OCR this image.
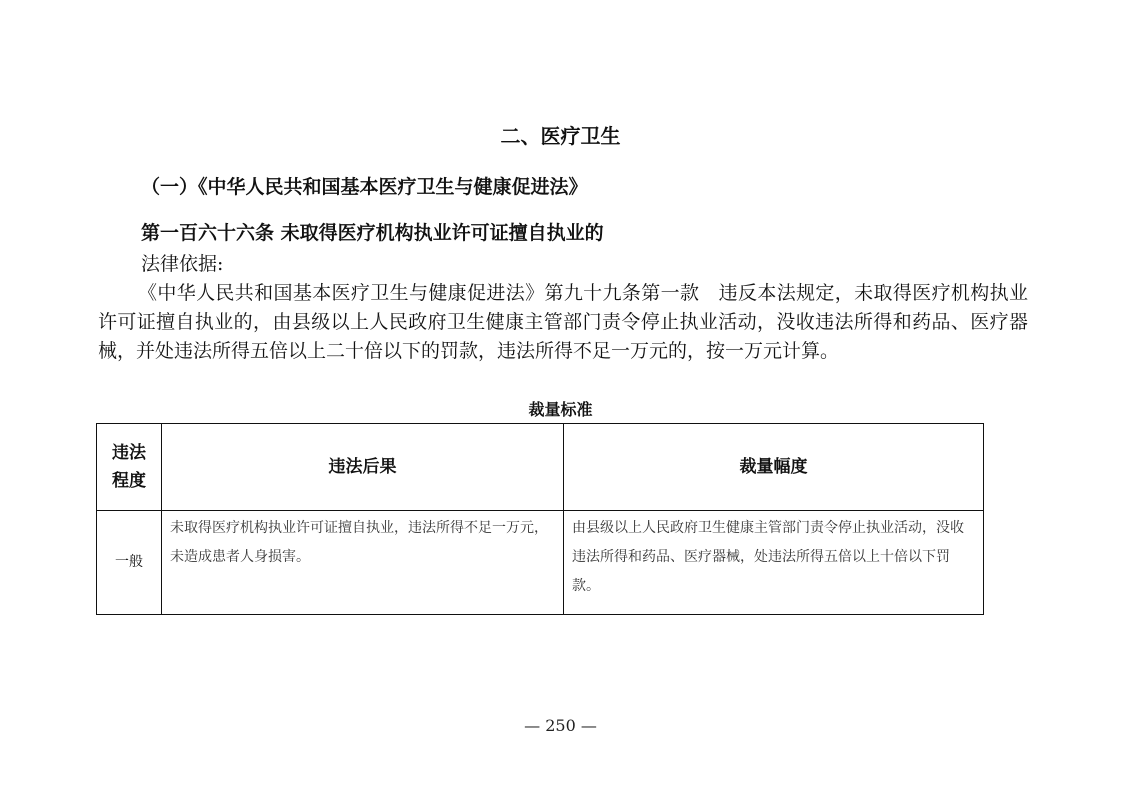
二、医疗卫生
（一）《中华人民共和国基本医疗卫生与健康促进法》
第一百六十六条 未取得医疗机构执业许可证擅自执业的
法律依据:

《中华人民共和国基本医疗卫生与健康促进法》第九十九条第一款　违反本法规定，未取得医疗机构执业许可证擅自执业的，由县级以上人民政府卫生健康主管部门责令停止执业活动，没收违法所得和药品、医疗器械，并处违法所得五倍以上二十倍以下的罚款，违法所得不足一万元的，按一万元计算。

裁量标准
违法程度	违法后果	裁量幅度
一般	未取得医疗机构执业许可证擅自执业，违法所得不足一万元，未造成患者人身损害。	由县级以上人民政府卫生健康主管部门责令停止执业活动，没收违法所得和药品、医疗器械，处违法所得五倍以上十倍以下罚款。
— 250 —
